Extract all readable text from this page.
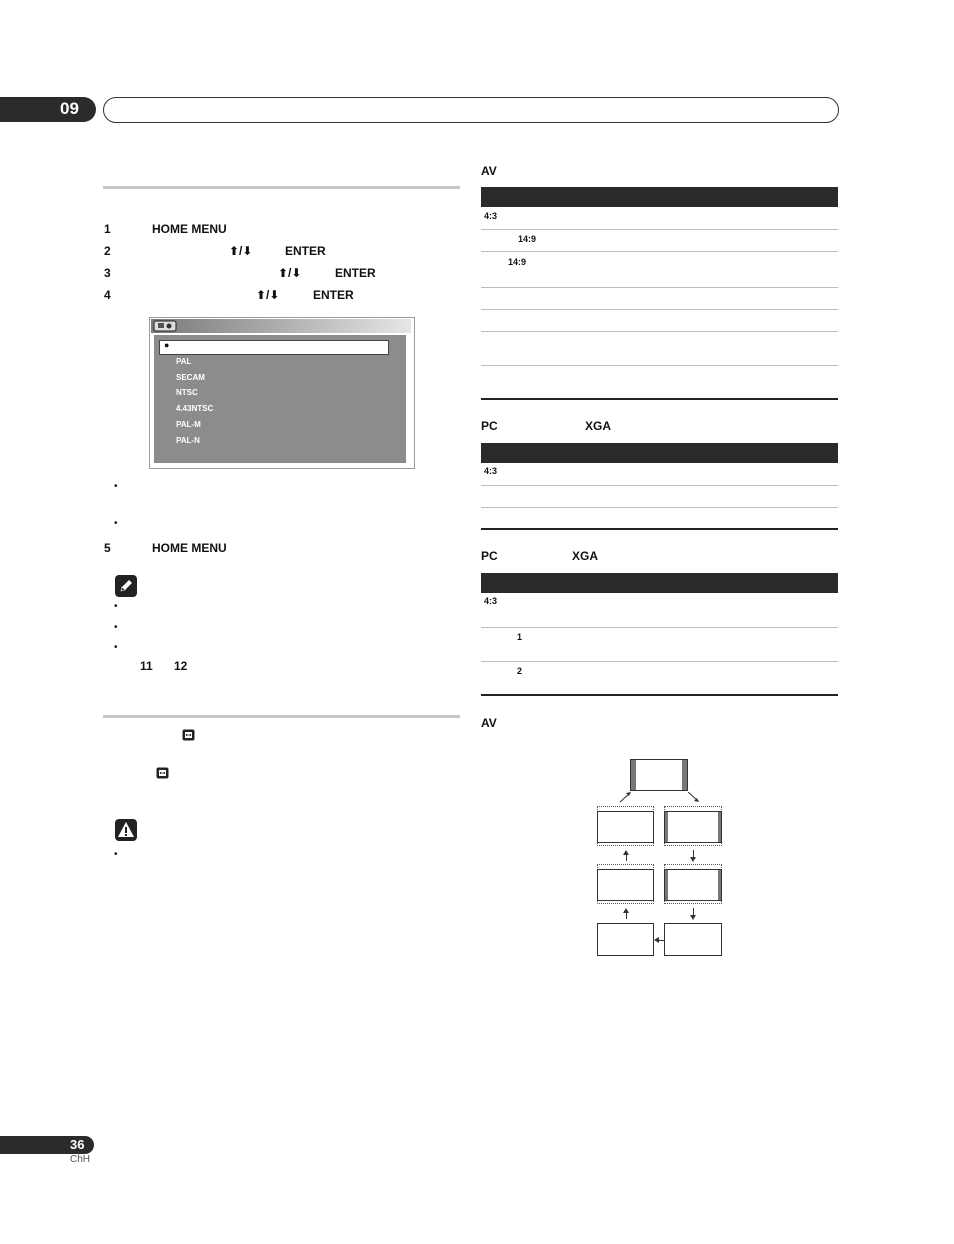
09
1	HOME MENU
2	⬆/⬇	ENTER
3	⬆/⬇	ENTER
4	⬆/⬇	ENTER
●
PAL
SECAM
NTSC
4.43NTSC
PAL-M
PAL-N
•
•
5	HOME MENU
•
•
•
11 12
•
AV
4:3
14:9
14:9
PC	XGA
4:3
PC	XGA
4:3
1
2
AV
36
ChH
